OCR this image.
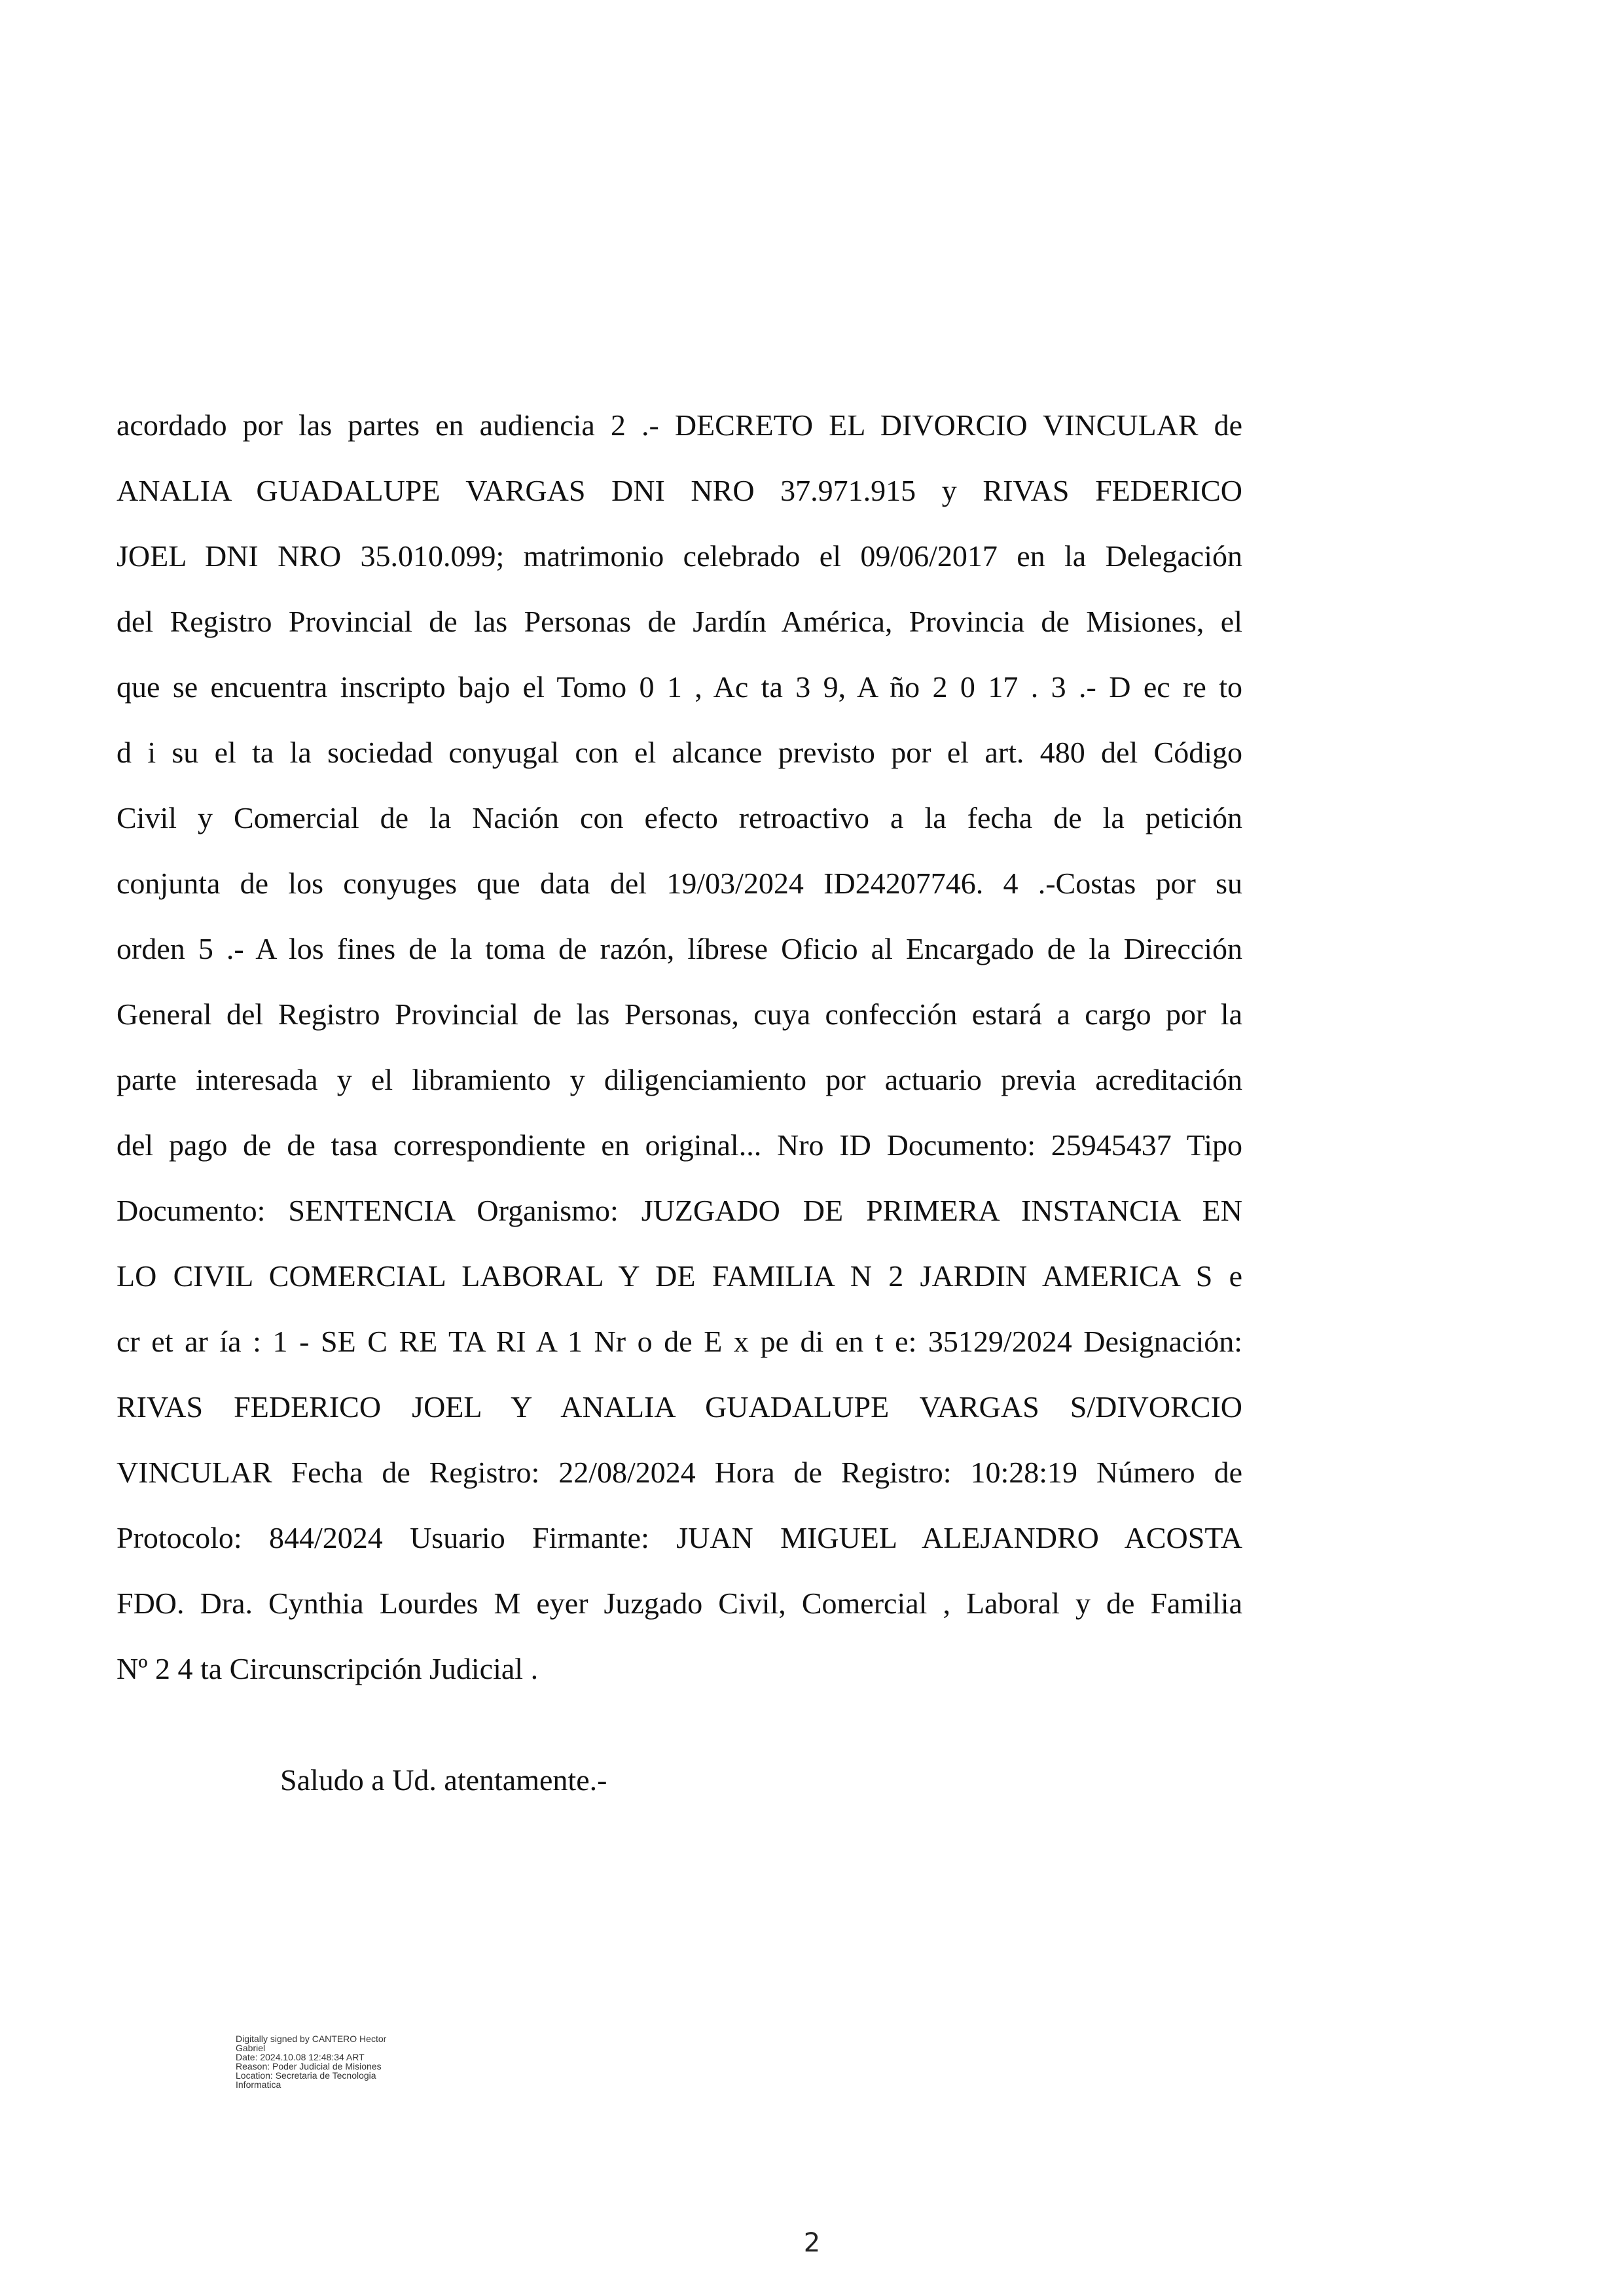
acordado por las partes en audiencia 2 .- DECRETO EL DIVORCIO VINCULAR de
ANALIA GUADALUPE VARGAS DNI NRO 37.971.915 y RIVAS FEDERICO
JOEL DNI NRO 35.010.099; matrimonio celebrado el 09/06/2017 en la Delegación
del Registro Provincial de las Personas de Jardín América, Provincia de Misiones, el
que se encuentra inscripto bajo el Tomo 0 1 , Ac ta 3 9, A ño 2 0 17 . 3 .- D ec re to
d i su el ta la sociedad conyugal con el alcance previsto por el art. 480 del Código
Civil y Comercial de la Nación con efecto retroactivo a la fecha de la petición
conjunta de los conyuges que data del 19/03/2024 ID24207746. 4 .-Costas por su
orden 5 .- A los fines de la toma de razón, líbrese Oficio al Encargado de la Dirección
General del Registro Provincial de las Personas, cuya confección estará a cargo por la
parte interesada y el libramiento y diligenciamiento por actuario previa acreditación
del pago de de tasa correspondiente en original... Nro ID Documento: 25945437 Tipo
Documento: SENTENCIA Organismo: JUZGADO DE PRIMERA INSTANCIA EN
LO CIVIL COMERCIAL LABORAL Y DE FAMILIA N 2 JARDIN AMERICA S e
cr et ar ía : 1 - SE C RE TA RI A 1 Nr o de E x pe di en t e: 35129/2024 Designación:
RIVAS FEDERICO JOEL Y ANALIA GUADALUPE VARGAS S/DIVORCIO
VINCULAR Fecha de Registro: 22/08/2024 Hora de Registro: 10:28:19 Número de
Protocolo: 844/2024 Usuario Firmante: JUAN MIGUEL ALEJANDRO ACOSTA
FDO. Dra. Cynthia Lourdes M eyer Juzgado Civil, Comercial , Laboral y de Familia
Nº 2 4 ta Circunscripción Judicial .
Saludo a Ud. atentamente.-
Digitally signed by CANTERO Hector
Gabriel
Date: 2024.10.08 12:48:34 ART
Reason: Poder Judicial de Misiones
Location: Secretaria de Tecnologia
Informatica
2
